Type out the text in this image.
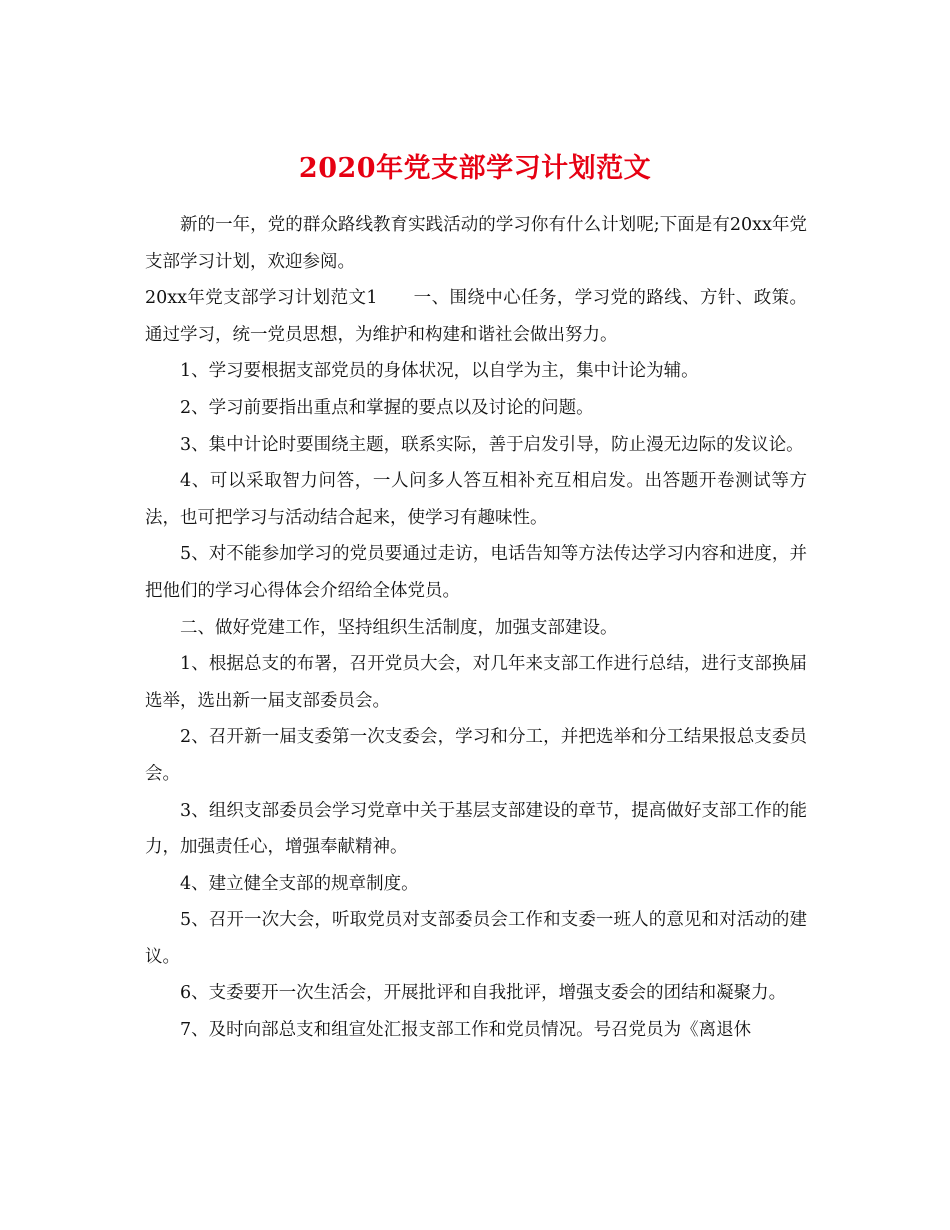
2020年党支部学习计划范文

新的一年，党的群众路线教育实践活动的学习你有什么计划呢;下面是有20xx年党支部学习计划，欢迎参阅。

20xx年党支部学习计划范文1　　一、围绕中心任务，学习党的路线、方针、政策。通过学习，统一党员思想，为维护和构建和谐社会做出努力。

1、学习要根据支部党员的身体状况，以自学为主，集中计论为辅。

2、学习前要指出重点和掌握的要点以及讨论的问题。

3、集中计论时要围绕主题，联系实际，善于启发引导，防止漫无边际的发议论。

4、可以采取智力问答，一人问多人答互相补充互相启发。出答题开卷测试等方法，也可把学习与活动结合起来，使学习有趣味性。

5、对不能参加学习的党员要通过走访，电话告知等方法传达学习内容和进度，并把他们的学习心得体会介绍给全体党员。

二、做好党建工作，坚持组织生活制度，加强支部建设。

1、根据总支的布署，召开党员大会，对几年来支部工作进行总结，进行支部换届选举，选出新一届支部委员会。

2、召开新一届支委第一次支委会，学习和分工，并把选举和分工结果报总支委员会。

3、组织支部委员会学习党章中关于基层支部建设的章节，提高做好支部工作的能力，加强责任心，增强奉献精神。

4、建立健全支部的规章制度。

5、召开一次大会，听取党员对支部委员会工作和支委一班人的意见和对活动的建议。

6、支委要开一次生活会，开展批评和自我批评，增强支委会的团结和凝聚力。

7、及时向部总支和组宣处汇报支部工作和党员情况。号召党员为《离退休
